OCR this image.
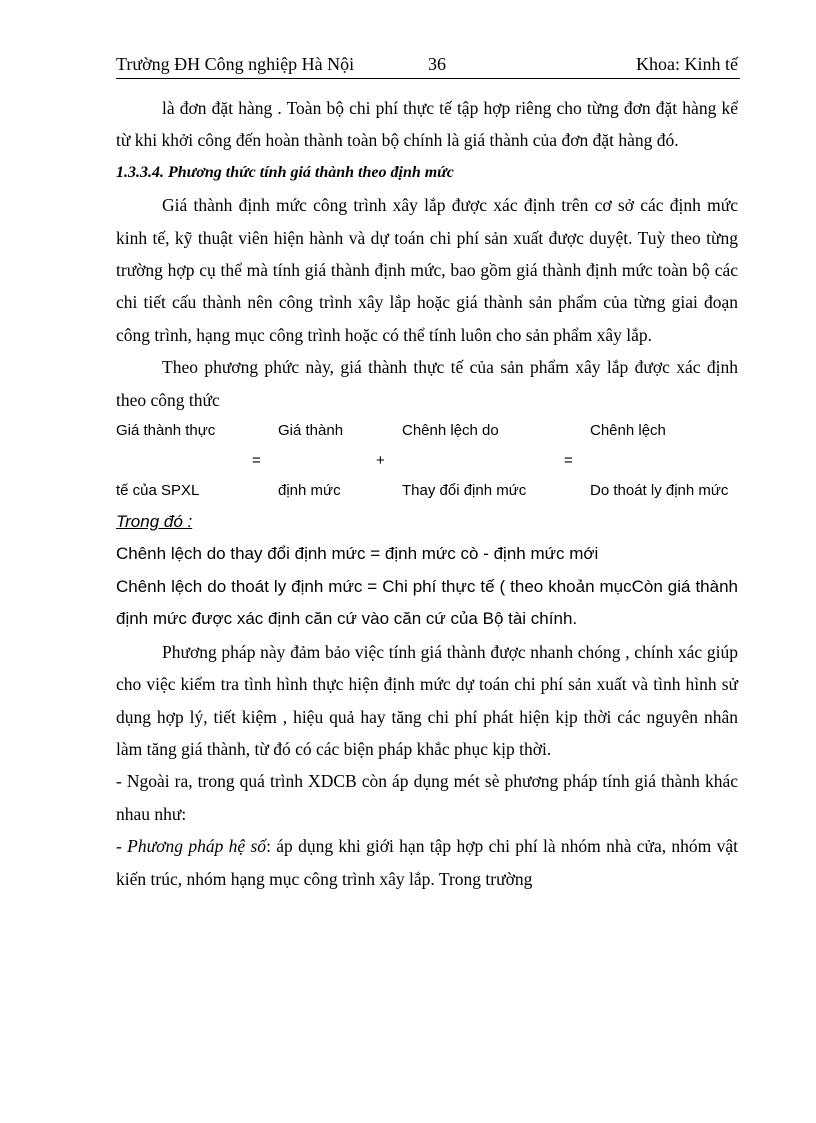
Trường ĐH Công nghiệp Hà Nội	36	Khoa: Kinh tế

là đơn đặt hàng . Toàn bộ chi phí thực tế tập hợp riêng cho từng đơn đặt hàng kể từ khi khởi công đến hoàn thành toàn bộ chính là giá thành của đơn đặt hàng đó.

1.3.3.4. Phương thức tính giá thành theo định mức

Giá thành định mức công trình xây lắp được xác định trên cơ sở các định mức kinh tế, kỹ thuật viên hiện hành và dự toán chi phí sản xuất được duyệt. Tuỳ theo từng trường hợp cụ thể mà tính giá thành định mức, bao gồm giá thành định mức toàn bộ các chi tiết cấu thành nên công trình xây lắp hoặc giá thành sản phẩm của từng giai đoạn công trình, hạng mục công trình hoặc có thể tính luôn cho sản phẩm xây lắp.

Theo phương phức này, giá thành thực tế của sản phẩm xây lắp được xác định theo công thức

Giá thành thực	Giá thành	Chênh lệch do	Chênh lệch
=	+	=
tế của SPXL	định mức	Thay đổi định mức	Do thoát ly định mức

Trong đó :

Chênh lệch do thay đổi định mức = định mức cò - định mức mới

Chênh lệch do thoát ly định mức = Chi phí thực tế ( theo khoản mụcCòn giá thành định mức được xác định căn cứ vào căn cứ của Bộ tài chính.

Phương pháp này đảm bảo việc tính giá thành được nhanh chóng , chính xác giúp cho việc kiểm tra tình hình thực hiện định mức dự toán chi phí sản xuất và tình hình sử dụng hợp lý, tiết kiệm , hiệu quả hay tăng chi phí phát hiện kịp thời các nguyên nhân làm tăng giá thành, từ đó có các biện pháp khắc phục kịp thời.

- Ngoài ra, trong quá trình XDCB còn áp dụng mét sè phương pháp tính giá thành khác nhau như:

- Phương pháp hệ số: áp dụng khi giới hạn tập hợp chi phí là nhóm nhà cửa, nhóm vật kiến trúc, nhóm hạng mục công trình xây lắp. Trong trường
